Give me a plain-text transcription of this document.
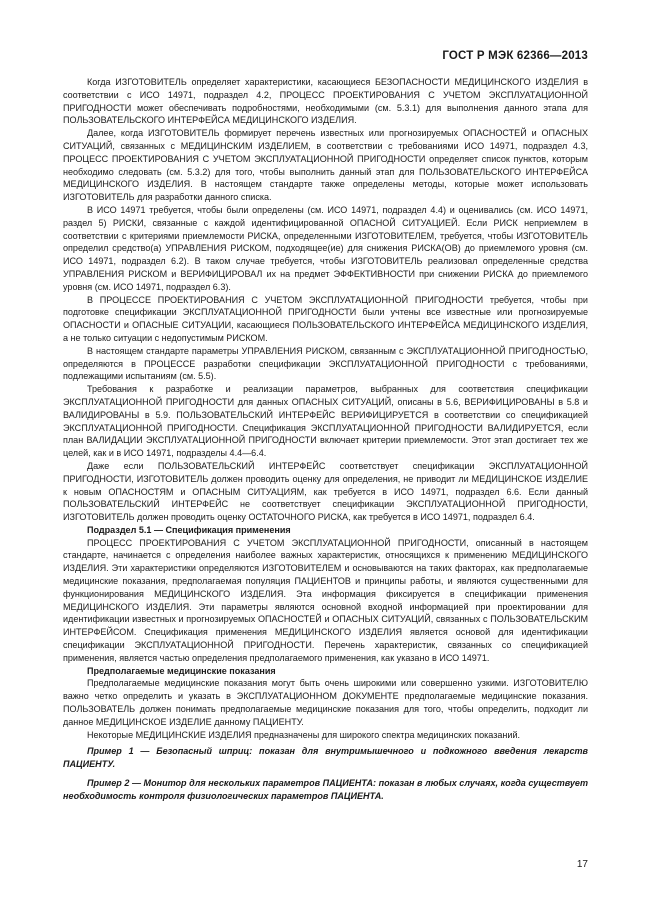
ГОСТ Р МЭК 62366—2013

Когда ИЗГОТОВИТЕЛЬ определяет характеристики, касающиеся БЕЗОПАСНОСТИ МЕДИЦИНСКОГО ИЗДЕЛИЯ в соответствии с ИСО 14971, подраздел 4.2, ПРОЦЕСС ПРОЕКТИРОВАНИЯ С УЧЕТОМ ЭКСПЛУАТАЦИОННОЙ ПРИГОДНОСТИ может обеспечивать подробностями, необходимыми (см. 5.3.1) для выполнения данного этапа для ПОЛЬЗОВАТЕЛЬСКОГО ИНТЕРФЕЙСА МЕДИЦИНСКОГО ИЗДЕЛИЯ.

Далее, когда ИЗГОТОВИТЕЛЬ формирует перечень известных или прогнозируемых ОПАСНОСТЕЙ и ОПАСНЫХ СИТУАЦИЙ, связанных с МЕДИЦИНСКИМ ИЗДЕЛИЕМ, в соответствии с требованиями ИСО 14971, подраздел 4.3, ПРОЦЕСС ПРОЕКТИРОВАНИЯ С УЧЕТОМ ЭКСПЛУАТАЦИОННОЙ ПРИГОДНОСТИ определяет список пунктов, которым необходимо следовать (см. 5.3.2) для того, чтобы выполнить данный этап для ПОЛЬЗОВАТЕЛЬСКОГО ИНТЕРФЕЙСА МЕДИЦИНСКОГО ИЗДЕЛИЯ. В настоящем стандарте также определены методы, которые может использовать ИЗГОТОВИТЕЛЬ для разработки данного списка.

В ИСО 14971 требуется, чтобы были определены (см. ИСО 14971, подраздел 4.4) и оценивались (см. ИСО 14971, раздел 5) РИСКИ, связанные с каждой идентифицированной ОПАСНОЙ СИТУАЦИЕЙ. Если РИСК неприемлем в соответствии с критериями приемлемости РИСКА, определенными ИЗГОТОВИТЕЛЕМ, требуется, чтобы ИЗГОТОВИТЕЛЬ определил средство(а) УПРАВЛЕНИЯ РИСКОМ, подходящее(ие) для снижения РИСКА(ОВ) до приемлемого уровня (см. ИСО 14971, подраздел 6.2). В таком случае требуется, чтобы ИЗГОТОВИТЕЛЬ реализовал определенные средства УПРАВЛЕНИЯ РИСКОМ и ВЕРИФИЦИРОВАЛ их на предмет ЭФФЕКТИВНОСТИ при снижении РИСКА до приемлемого уровня (см. ИСО 14971, подраздел 6.3).

В ПРОЦЕССЕ ПРОЕКТИРОВАНИЯ С УЧЕТОМ ЭКСПЛУАТАЦИОННОЙ ПРИГОДНОСТИ требуется, чтобы при подготовке спецификации ЭКСПЛУАТАЦИОННОЙ ПРИГОДНОСТИ были учтены все известные или прогнозируемые ОПАСНОСТИ и ОПАСНЫЕ СИТУАЦИИ, касающиеся ПОЛЬЗОВАТЕЛЬСКОГО ИНТЕРФЕЙСА МЕДИЦИНСКОГО ИЗДЕЛИЯ, а не только ситуации с недопустимым РИСКОМ.

В настоящем стандарте параметры УПРАВЛЕНИЯ РИСКОМ, связанным с ЭКСПЛУАТАЦИОННОЙ ПРИГОДНОСТЬЮ, определяются в ПРОЦЕССЕ разработки спецификации ЭКСПЛУАТАЦИОННОЙ ПРИГОДНОСТИ с требованиями, подлежащими испытаниям (см. 5.5).

Требования к разработке и реализации параметров, выбранных для соответствия спецификации ЭКСПЛУАТАЦИОННОЙ ПРИГОДНОСТИ для данных ОПАСНЫХ СИТУАЦИЙ, описаны в 5.6, ВЕРИФИЦИРОВАНЫ в 5.8 и ВАЛИДИРОВАНЫ в 5.9. ПОЛЬЗОВАТЕЛЬСКИЙ ИНТЕРФЕЙС ВЕРИФИЦИРУЕТСЯ в соответствии со спецификацией ЭКСПЛУАТАЦИОННОЙ ПРИГОДНОСТИ. Спецификация ЭКСПЛУАТАЦИОННОЙ ПРИГОДНОСТИ ВАЛИДИРУЕТСЯ, если план ВАЛИДАЦИИ ЭКСПЛУАТАЦИОННОЙ ПРИГОДНОСТИ включает критерии приемлемости. Этот этап достигает тех же целей, как и в ИСО 14971, подразделы 4.4—6.4.

Даже если ПОЛЬЗОВАТЕЛЬСКИЙ ИНТЕРФЕЙС соответствует спецификации ЭКСПЛУАТАЦИОННОЙ ПРИГОДНОСТИ, ИЗГОТОВИТЕЛЬ должен проводить оценку для определения, не приводит ли МЕДИЦИНСКОЕ ИЗДЕЛИЕ к новым ОПАСНОСТЯМ и ОПАСНЫМ СИТУАЦИЯМ, как требуется в ИСО 14971, подраздел 6.6. Если данный ПОЛЬЗОВАТЕЛЬСКИЙ ИНТЕРФЕЙС не соответствует спецификации ЭКСПЛУАТАЦИОННОЙ ПРИГОДНОСТИ, ИЗГОТОВИТЕЛЬ должен проводить оценку ОСТАТОЧНОГО РИСКА, как требуется в ИСО 14971, подраздел 6.4.

Подраздел 5.1 — Спецификация применения

ПРОЦЕСС ПРОЕКТИРОВАНИЯ С УЧЕТОМ ЭКСПЛУАТАЦИОННОЙ ПРИГОДНОСТИ, описанный в настоящем стандарте, начинается с определения наиболее важных характеристик, относящихся к применению МЕДИЦИНСКОГО ИЗДЕЛИЯ. Эти характеристики определяются ИЗГОТОВИТЕЛЕМ и основываются на таких факторах, как предполагаемые медицинские показания, предполагаемая популяция ПАЦИЕНТОВ и принципы работы, и являются существенными для функционирования МЕДИЦИНСКОГО ИЗДЕЛИЯ. Эта информация фиксируется в спецификации применения МЕДИЦИНСКОГО ИЗДЕЛИЯ. Эти параметры являются основной входной информацией при проектировании для идентификации известных и прогнозируемых ОПАСНОСТЕЙ и ОПАСНЫХ СИТУАЦИЙ, связанных с ПОЛЬЗОВАТЕЛЬСКИМ ИНТЕРФЕЙСОМ. Спецификация применения МЕДИЦИНСКОГО ИЗДЕЛИЯ является основой для идентификации спецификации ЭКСПЛУАТАЦИОННОЙ ПРИГОДНОСТИ. Перечень характеристик, связанных со спецификацией применения, является частью определения предполагаемого применения, как указано в ИСО 14971.

Предполагаемые медицинские показания

Предполагаемые медицинские показания могут быть очень широкими или совершенно узкими. ИЗГОТОВИТЕЛЮ важно четко определить и указать в ЭКСПЛУАТАЦИОННОМ ДОКУМЕНТЕ предполагаемые медицинские показания. ПОЛЬЗОВАТЕЛЬ должен понимать предполагаемые медицинские показания для того, чтобы определить, подходит ли данное МЕДИЦИНСКОЕ ИЗДЕЛИЕ данному ПАЦИЕНТУ.

Некоторые МЕДИЦИНСКИЕ ИЗДЕЛИЯ предназначены для широкого спектра медицинских показаний.

Пример 1 — Безопасный шприц: показан для внутримышечного и подкожного введения лекарств ПАЦИЕНТУ.

Пример 2 — Монитор для нескольких параметров ПАЦИЕНТА: показан в любых случаях, когда существует необходимость контроля физиологических параметров ПАЦИЕНТА.

17
